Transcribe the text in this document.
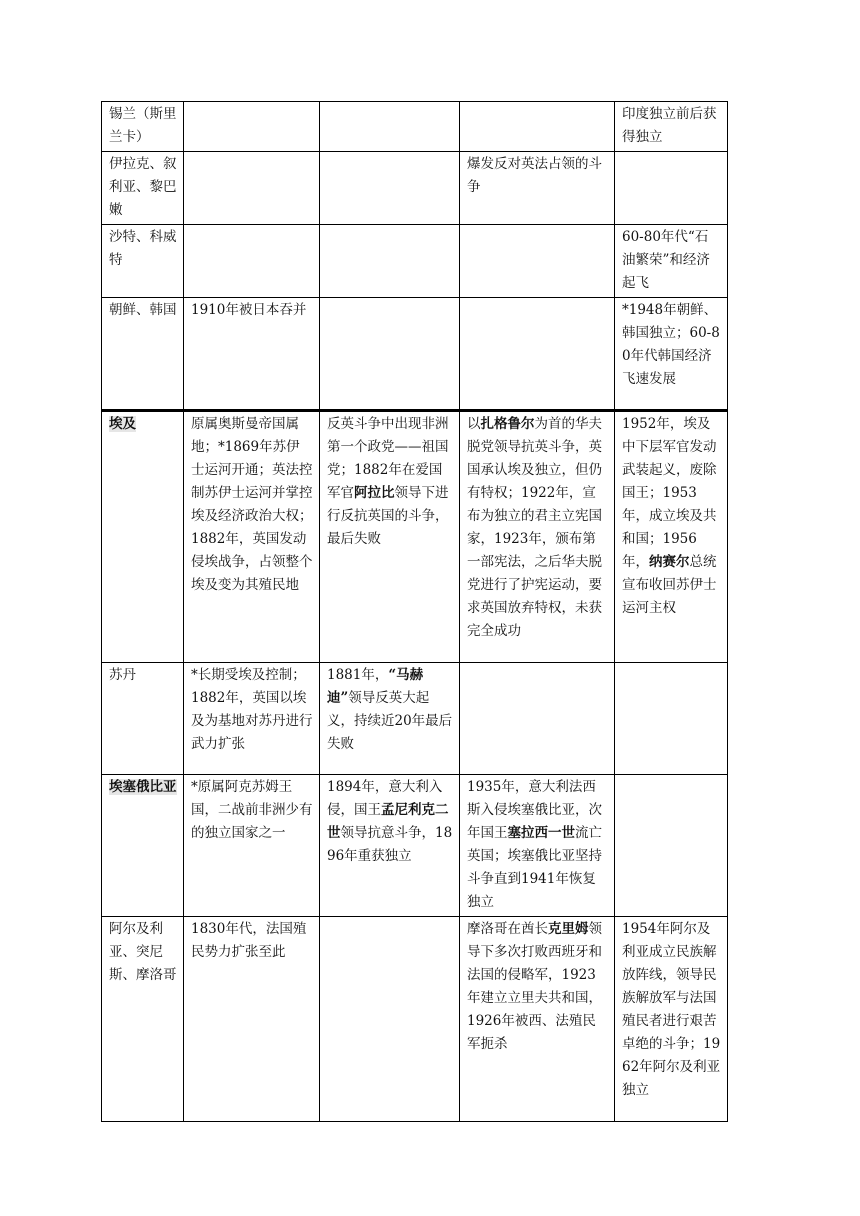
锡兰（斯里兰卡）				印度独立前后获得独立
伊拉克、叙利亚、黎巴嫩			爆发反对英法占领的斗争	
沙特、科威特				60-80年代“石油繁荣”和经济起飞
朝鲜、韩国	1910年被日本吞并			*1948年朝鲜、韩国独立；60-80年代韩国经济飞速发展
埃及	原属奥斯曼帝国属地；*1869年苏伊士运河开通；英法控制苏伊士运河并掌控埃及经济政治大权；1882年，英国发动侵埃战争，占领整个埃及变为其殖民地	反英斗争中出现非洲第一个政党——祖国党；1882年在爱国军官阿拉比领导下进行反抗英国的斗争，最后失败	以扎格鲁尔为首的华夫脱党领导抗英斗争，英国承认埃及独立，但仍有特权；1922年，宣布为独立的君主立宪国家，1923年，颁布第一部宪法，之后华夫脱党进行了护宪运动，要求英国放弃特权，未获完全成功	1952年，埃及中下层军官发动武装起义，废除国王；1953年，成立埃及共和国；1956年，纳赛尔总统宣布收回苏伊士运河主权
苏丹	*长期受埃及控制；1882年，英国以埃及为基地对苏丹进行武力扩张	1881年，“马赫迪”领导反英大起义，持续近20年最后失败		
埃塞俄比亚	*原属阿克苏姆王国，二战前非洲少有的独立国家之一	1894年，意大利入侵，国王孟尼利克二世领导抗意斗争，1896年重获独立	1935年，意大利法西斯入侵埃塞俄比亚，次年国王塞拉西一世流亡英国；埃塞俄比亚坚持斗争直到1941年恢复独立	
阿尔及利亚、突尼斯、摩洛哥	1830年代，法国殖民势力扩张至此		摩洛哥在酋长克里姆领导下多次打败西班牙和法国的侵略军，1923年建立立里夫共和国，1926年被西、法殖民军扼杀	1954年阿尔及利亚成立民族解放阵线，领导民族解放军与法国殖民者进行艰苦卓绝的斗争；1962年阿尔及利亚独立
